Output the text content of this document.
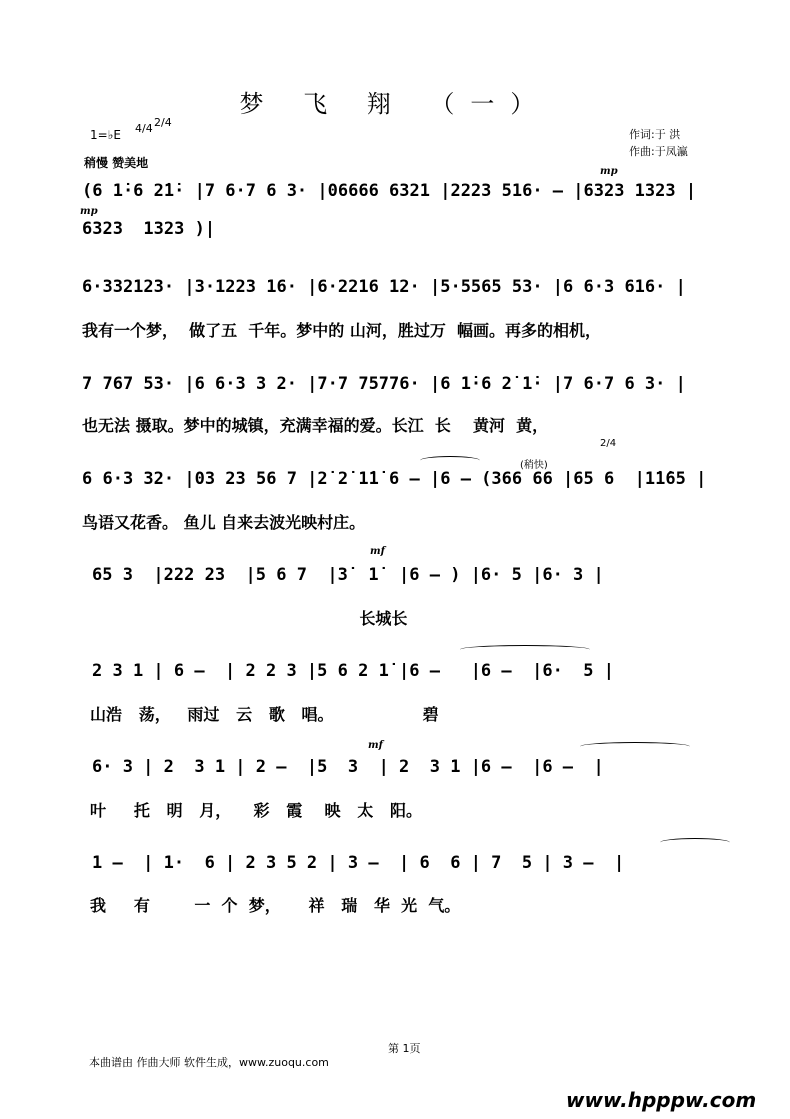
梦 飞 翔 （一）
1=♭E 4/4 2/4
稍慢 赞美地
作词:于 洪
作曲:于凤瀛
mp
mp
mf
mf
(稍快)
2/4
(6 1̇·6 2̇1̇· |7 6·7 6 3· |06666 6321 |2223 516· – |6323 1323 |
6323  1323 )|
6·332123· |3·1223 16· |6·2216 12· |5·5565 53· |6 6·3 616· |
我有一个梦，  做了五  千年。梦中的 山河，胜过万  幅画。再多的相机，
7 767 53· |6 6·3 3 2· |7·7 75776· |6 1̇·6 2̇ 1̇· |7 6·7 6 3· |
也无法 摄取。梦中的城镇，充满幸福的爱。长江  长    黄河  黄，
6 6·3 32· |03 23 56 7 |2̇ 2̇ 1̇1̇ 6 – |6 – (366 66 |65 6  |1̇1̇65 |
鸟语又花香。 鱼儿 自来去波光映村庄。
65 3  |222 23  |5 6 7  |3̇  1̇  |6 – ) |6· 5 |6· 3 |
长城长
2 3 1 | 6 –  | 2 2 3 |5 6 2 1̇ |6 –   |6 –  |6·  5 |
山浩   荡，   雨过   云   歌   唱。                碧
6· 3 | 2  3 1 | 2 –  |5  3  | 2  3 1 |6 –  |6 –  |
叶     托   明   月，    彩   霞    映   太   阳。
1 –  | 1·  6 | 2 3 5 2 | 3 –  | 6  6 | 7  5 | 3 –  |
我     有        一  个  梦，     祥   瑞   华  光  气。
第 1页
本曲谱由 作曲大师 软件生成，www.zuoqu.com
www.hpppw.com
